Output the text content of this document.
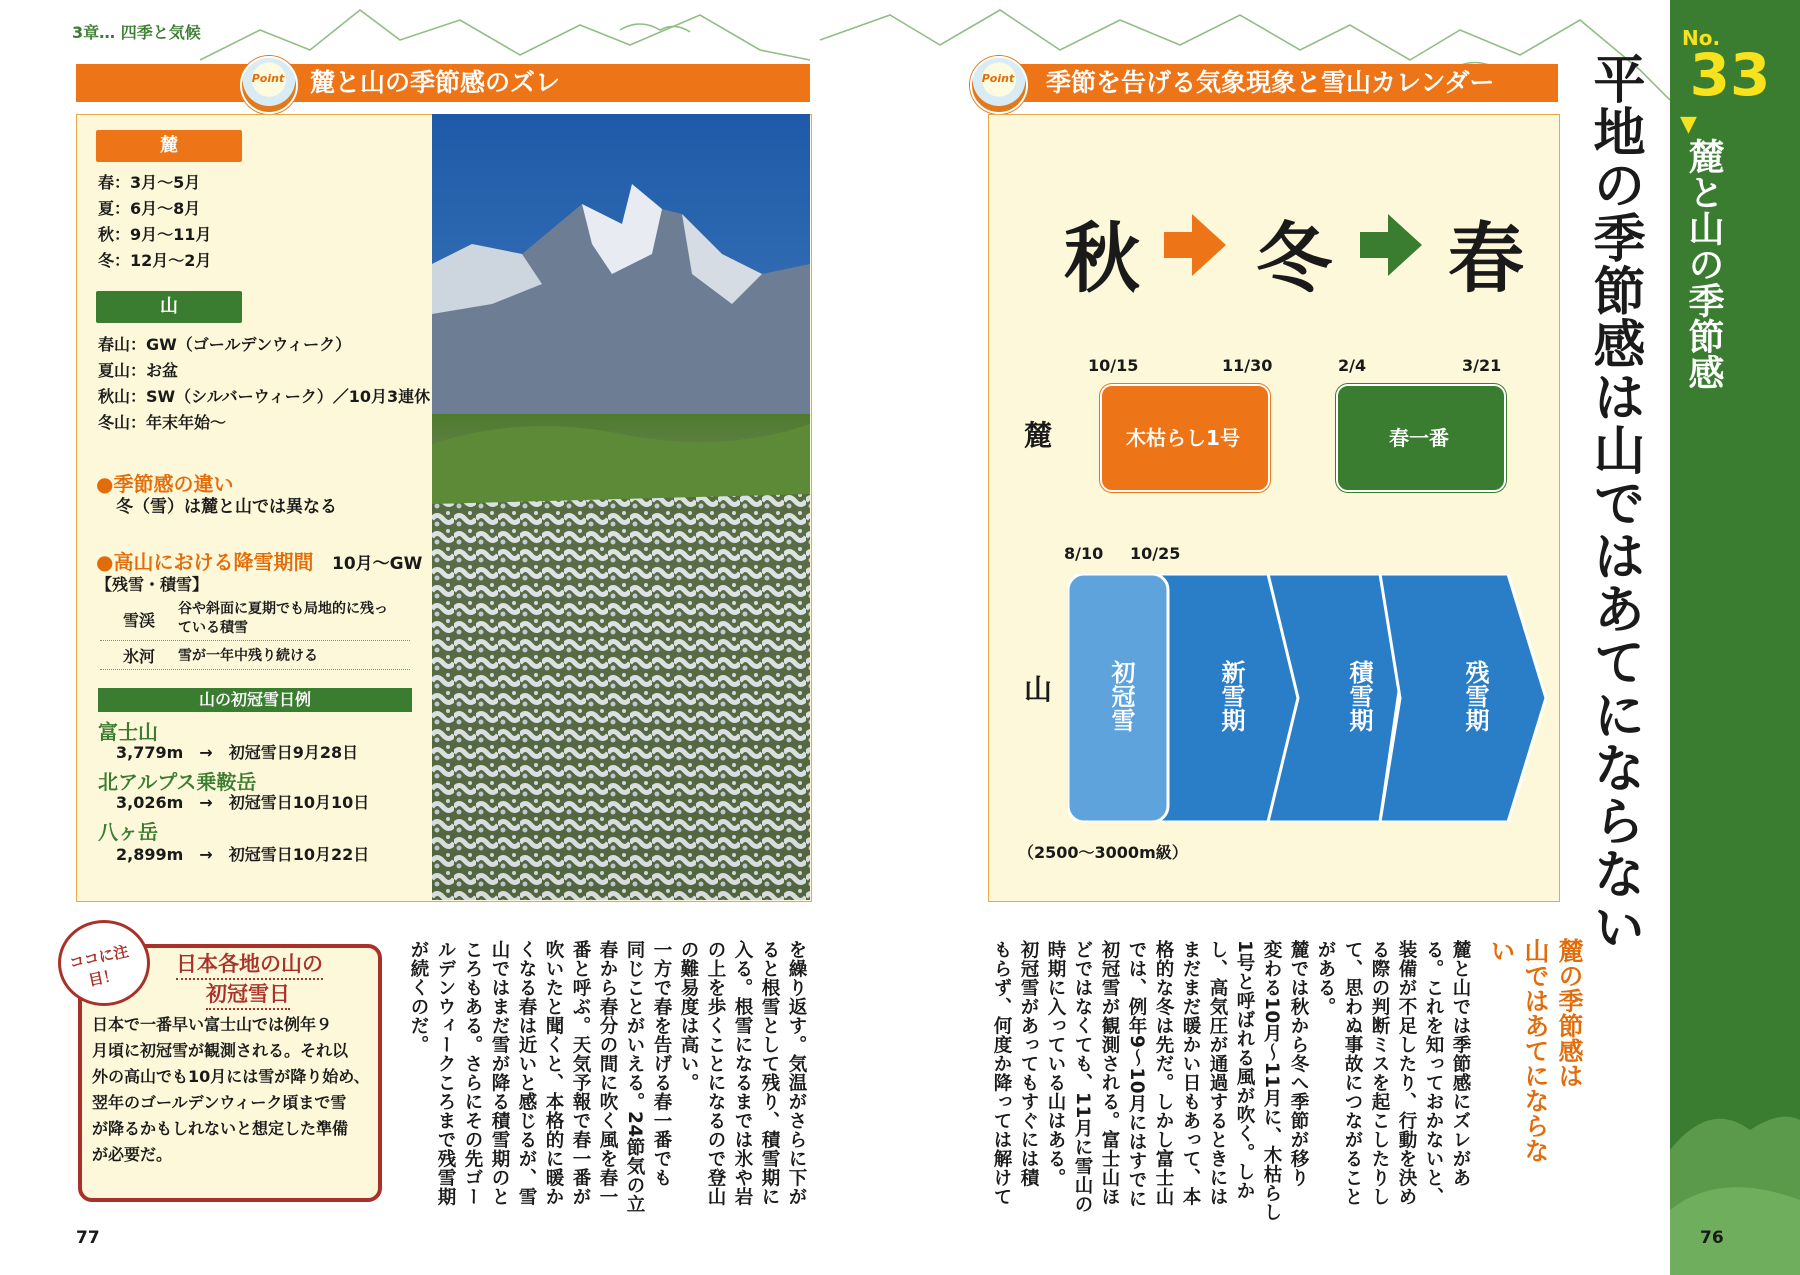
3章… 四季と気候
Point 麓と山の季節感のズレ
麓
春：3月～5月
夏：6月～8月
秋：9月～11月
冬：12月～2月
山
春山：GW（ゴールデンウィーク）
夏山：お盆
秋山：SW（シルバーウィーク）／10月3連休
冬山：年末年始～
●季節感の違い
冬（雪）は麓と山では異なる
●高山における降雪期間 10月～GW
【残雪・積雪】
雪渓
谷や斜面に夏期でも局地的に残っ
ている積雪
氷河	雪が一年中残り続ける
山の初冠雪日例
富士山
3,779m　→　初冠雪日9月28日
北アルプス乗鞍岳
3,026m　→　初冠雪日10月10日
八ヶ岳
2,899m　→　初冠雪日10月22日
ココに注目！
日本各地の山の
初冠雪日
日本で一番早い富士山では例年９
月頃に初冠雪が観測される。それ以
外の高山でも10月には雪が降り始め、
翌年のゴールデンウィーク頃まで雪
が降るかもしれないと想定した準備
が必要だ。	を繰り返す。気温がさらに下が

ると根雪として残り、積雪期に

入る。根雪になるまでは氷や岩

の上を歩くことになるので登山

の難易度は高い。

一方で春を告げる春一番でも

同じことがいえる。24節気の立

春から春分の間に吹く風を春一

番と呼ぶ。天気予報で春一番が

吹いたと聞くと、本格的に暖か

くなる春は近いと感じるが、雪

山ではまだ雪が降る積雪期のと

ころもある。さらにその先ゴー

ルデンウィークころまで残雪期

が続くのだ。

77
Point 季節を告げる気象現象と雪山カレンダー
秋 冬 春
10/15	11/30	2/4	3/21
麓	木枯らし1号	春一番
8/10 10/25
山 初冠雪	新雪期	積雪期	残雪期
（2500～3000m級）

麓の季節感は

山ではあてにならない

麓と山では季節感にズレがあ

る。これを知っておかないと、

装備が不足したり、行動を決め

る際の判断ミスを起こしたりし

て、思わぬ事故につながること

がある。

麓では秋から冬へ季節が移り

変わる10月～11月に、木枯らし

1号と呼ばれる風が吹く。しか

し、高気圧が通過するときには

まだまだ暖かい日もあって、本

格的な冬は先だ。しかし富士山

では、例年9～10月にはすでに

初冠雪が観測される。富士山ほ

どではなくても、11月に雪山の

時期に入っている山はある。

初冠雪があってもすぐには積

もらず、何度か降っては解けて

平地の季節感は山ではあてにならない
No.
33
▼
麓と山の季節感
76
